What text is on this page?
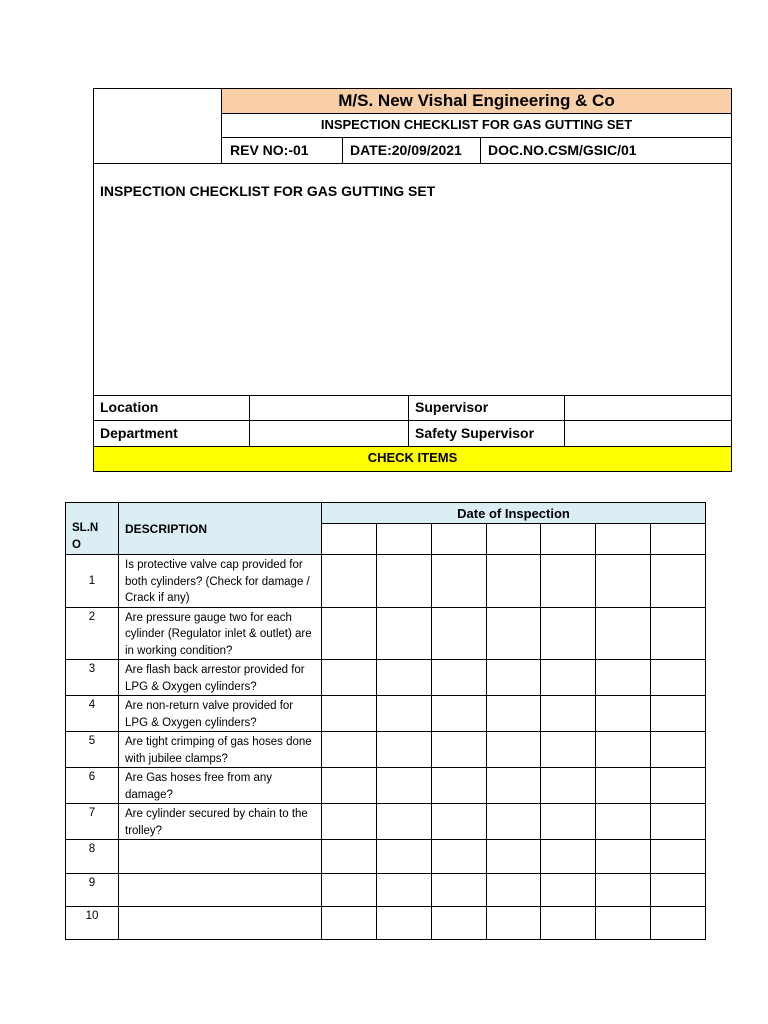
M/S. New Vishal Engineering & Co
INSPECTION CHECKLIST FOR GAS GUTTING SET
REV NO:-01	DATE:20/09/2021	DOC.NO.CSM/GSIC/01
INSPECTION CHECKLIST FOR GAS GUTTING SET
Location	Supervisor
Department	Safety Supervisor
CHECK ITEMS
SL.N O	DESCRIPTION	Date of Inspection						

1	Is protective valve cap provided for both cylinders? (Check for damage / Crack if any)							
2	Are pressure gauge two for each cylinder (Regulator inlet & outlet) are in working condition?							
3	Are flash back arrestor provided for LPG & Oxygen cylinders?							
4	Are non-return valve provided for LPG & Oxygen cylinders?							
5	Are tight crimping of gas hoses done with jubilee clamps?							
6	Are Gas hoses free from any damage?							
7	Are cylinder secured by chain to the trolley?							
8								
9								
10								
